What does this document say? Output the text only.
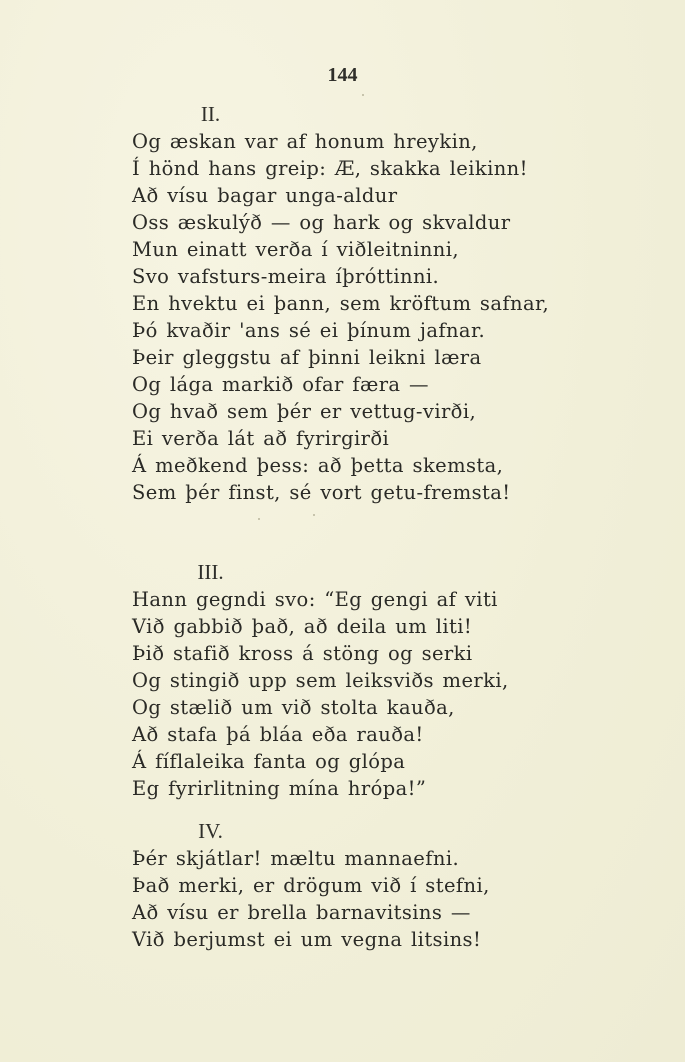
144
II.
Og æskan var af honum hreykin,
Í hönd hans greip: Æ, skakka leikinn!
Að vísu bagar unga-aldur
Oss æskulýð — og hark og skvaldur
Mun einatt verða í viðleitninni,
Svo vafsturs-meira íþróttinni.
En hvektu ei þann, sem kröftum safnar,
Þó kvaðir 'ans sé ei þínum jafnar.
Þeir gleggstu af þinni leikni læra
Og lága markið ofar færa —
Og hvað sem þér er vettug-virði,
Ei verða lát að fyrirgirði
Á meðkend þess: að þetta skemsta,
Sem þér finst, sé vort getu-fremsta!
III.
Hann gegndi svo: “Eg gengi af viti
Við gabbið það, að deila um liti!
Þið stafið kross á stöng og serki
Og stingið upp sem leiksviðs merki,
Og stælið um við stolta kauða,
Að stafa þá bláa eða rauða!
Á fíflaleika fanta og glópa
Eg fyrirlitning mína hrópa!”
IV.
Þér skjátlar! mæltu mannaefni.
Það merki, er drögum við í stefni,
Að vísu er brella barnavitsins —
Við berjumst ei um vegna litsins!
